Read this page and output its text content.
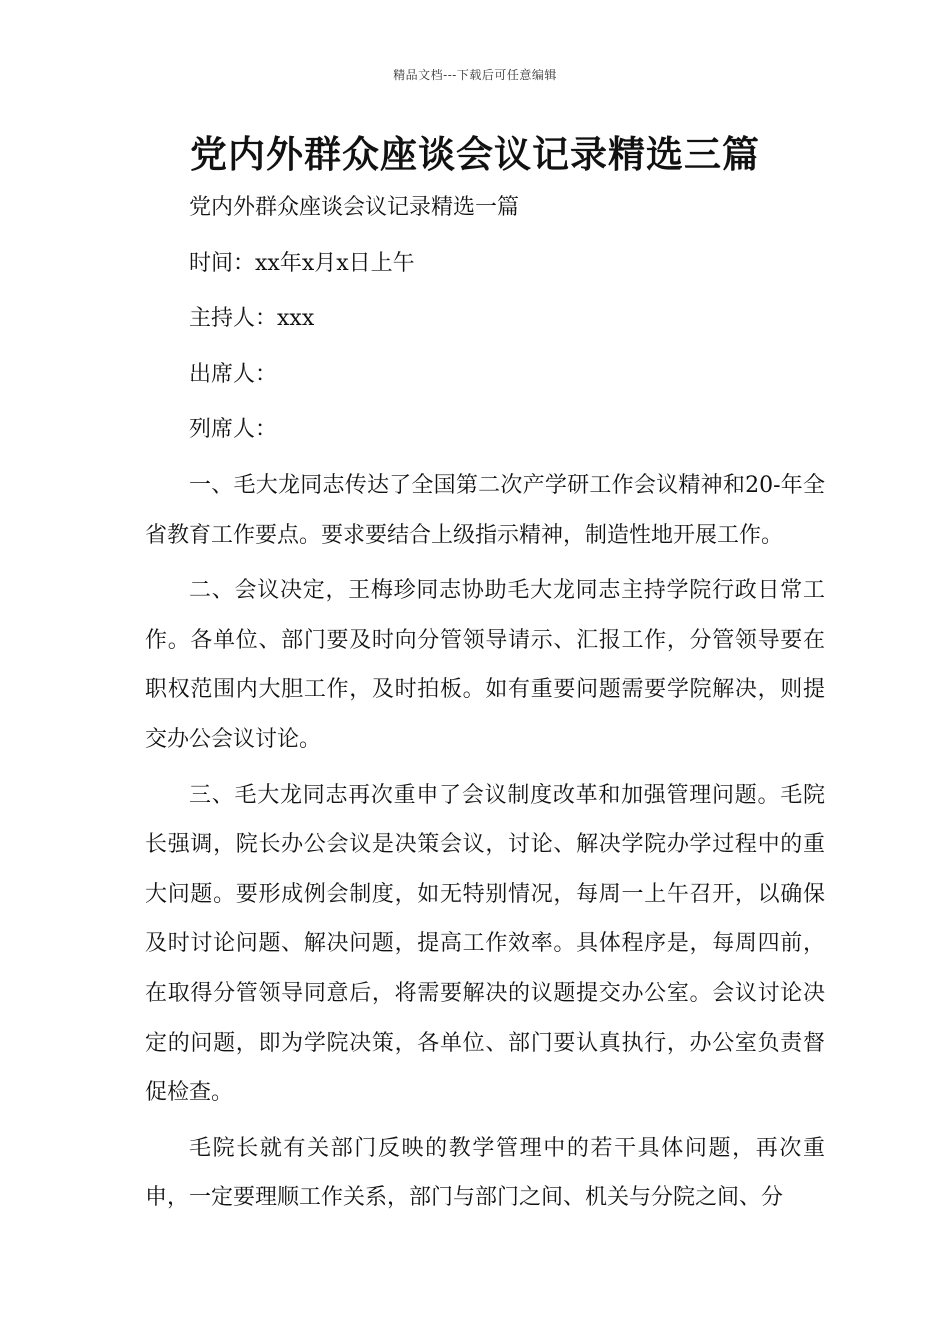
精品文档---下载后可任意编辑
党内外群众座谈会议记录精选三篇

党内外群众座谈会议记录精选一篇

时间：xx年x月x日上午

主持人：xxx

出席人：

列席人：

一、毛大龙同志传达了全国第二次产学研工作会议精神和20-年全省教育工作要点。要求要结合上级指示精神，制造性地开展工作。

二、会议决定，王梅珍同志协助毛大龙同志主持学院行政日常工作。各单位、部门要及时向分管领导请示、汇报工作，分管领导要在职权范围内大胆工作，及时拍板。如有重要问题需要学院解决，则提交办公会议讨论。

三、毛大龙同志再次重申了会议制度改革和加强管理问题。毛院长强调，院长办公会议是决策会议，讨论、解决学院办学过程中的重大问题。要形成例会制度，如无特别情况，每周一上午召开，以确保及时讨论问题、解决问题，提高工作效率。具体程序是，每周四前，在取得分管领导同意后，将需要解决的议题提交办公室。会议讨论决定的问题，即为学院决策，各单位、部门要认真执行，办公室负责督促检查。

毛院长就有关部门反映的教学管理中的若干具体问题，再次重申，一定要理顺工作关系，部门与部门之间、机关与分院之间、分
